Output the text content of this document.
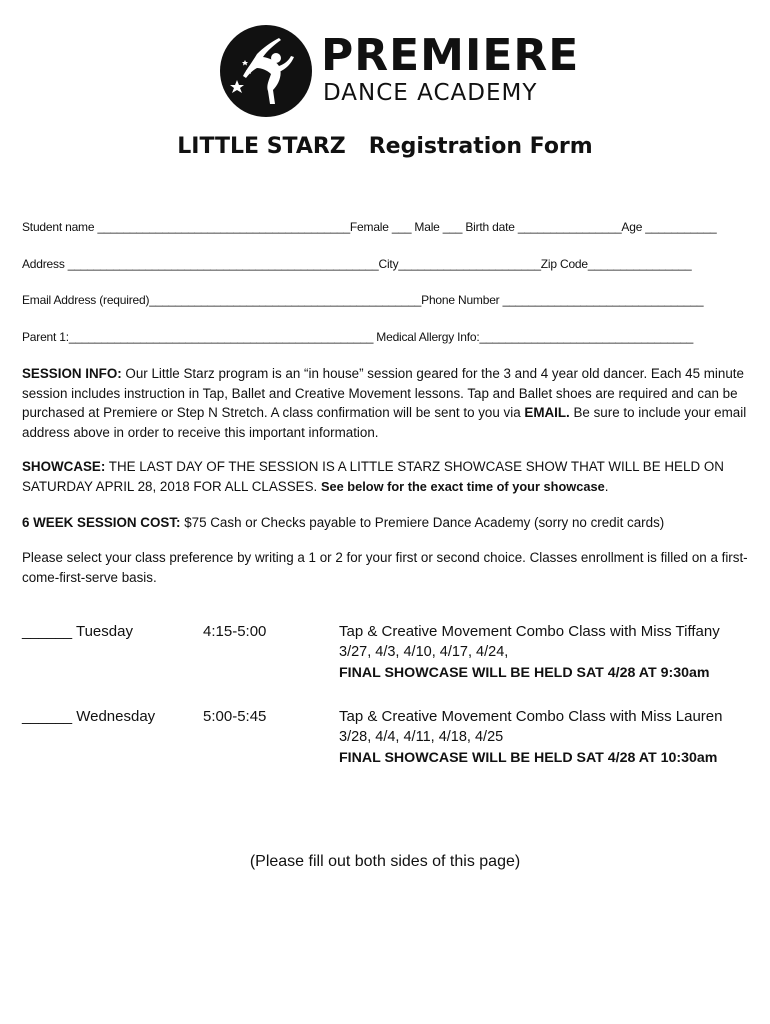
PREMIERE
DANCE ACADEMY
LITTLE STARZ   Registration Form
Student name _______________________________________Female ___ Male ___ Birth date ________________Age ___________
Address ________________________________________________City______________________Zip Code________________
Email Address (required)__________________________________________Phone Number _______________________________
Parent 1:_______________________________________________ Medical Allergy Info:_________________________________
SESSION INFO: Our Little Starz program is an “in house” session geared for the 3 and 4 year old dancer. Each 45 minute session includes instruction in Tap, Ballet and Creative Movement lessons. Tap and Ballet shoes are required and can be purchased at Premiere or Step N Stretch. A class confirmation will be sent to you via EMAIL. Be sure to include your email address above in order to receive this important information.
SHOWCASE: THE LAST DAY OF THE SESSION IS A LITTLE STARZ SHOWCASE SHOW THAT WILL BE HELD ON SATURDAY APRIL 28, 2018 FOR ALL CLASSES. See below for the exact time of your showcase.
6 WEEK SESSION COST: $75 Cash or Checks payable to Premiere Dance Academy (sorry no credit cards)
Please select your class preference by writing a 1 or 2 for your first or second choice. Classes enrollment is filled on a first-come-first-serve basis.
______ Tuesday	4:15-5:00	Tap & Creative Movement Combo Class with Miss Tiffany
3/27, 4/3, 4/10, 4/17, 4/24,
FINAL SHOWCASE WILL BE HELD SAT 4/28 AT 9:30am
______ Wednesday	5:00-5:45	Tap & Creative Movement Combo Class with Miss Lauren
3/28, 4/4, 4/11, 4/18, 4/25
FINAL SHOWCASE WILL BE HELD SAT 4/28 AT 10:30am
(Please fill out both sides of this page)
